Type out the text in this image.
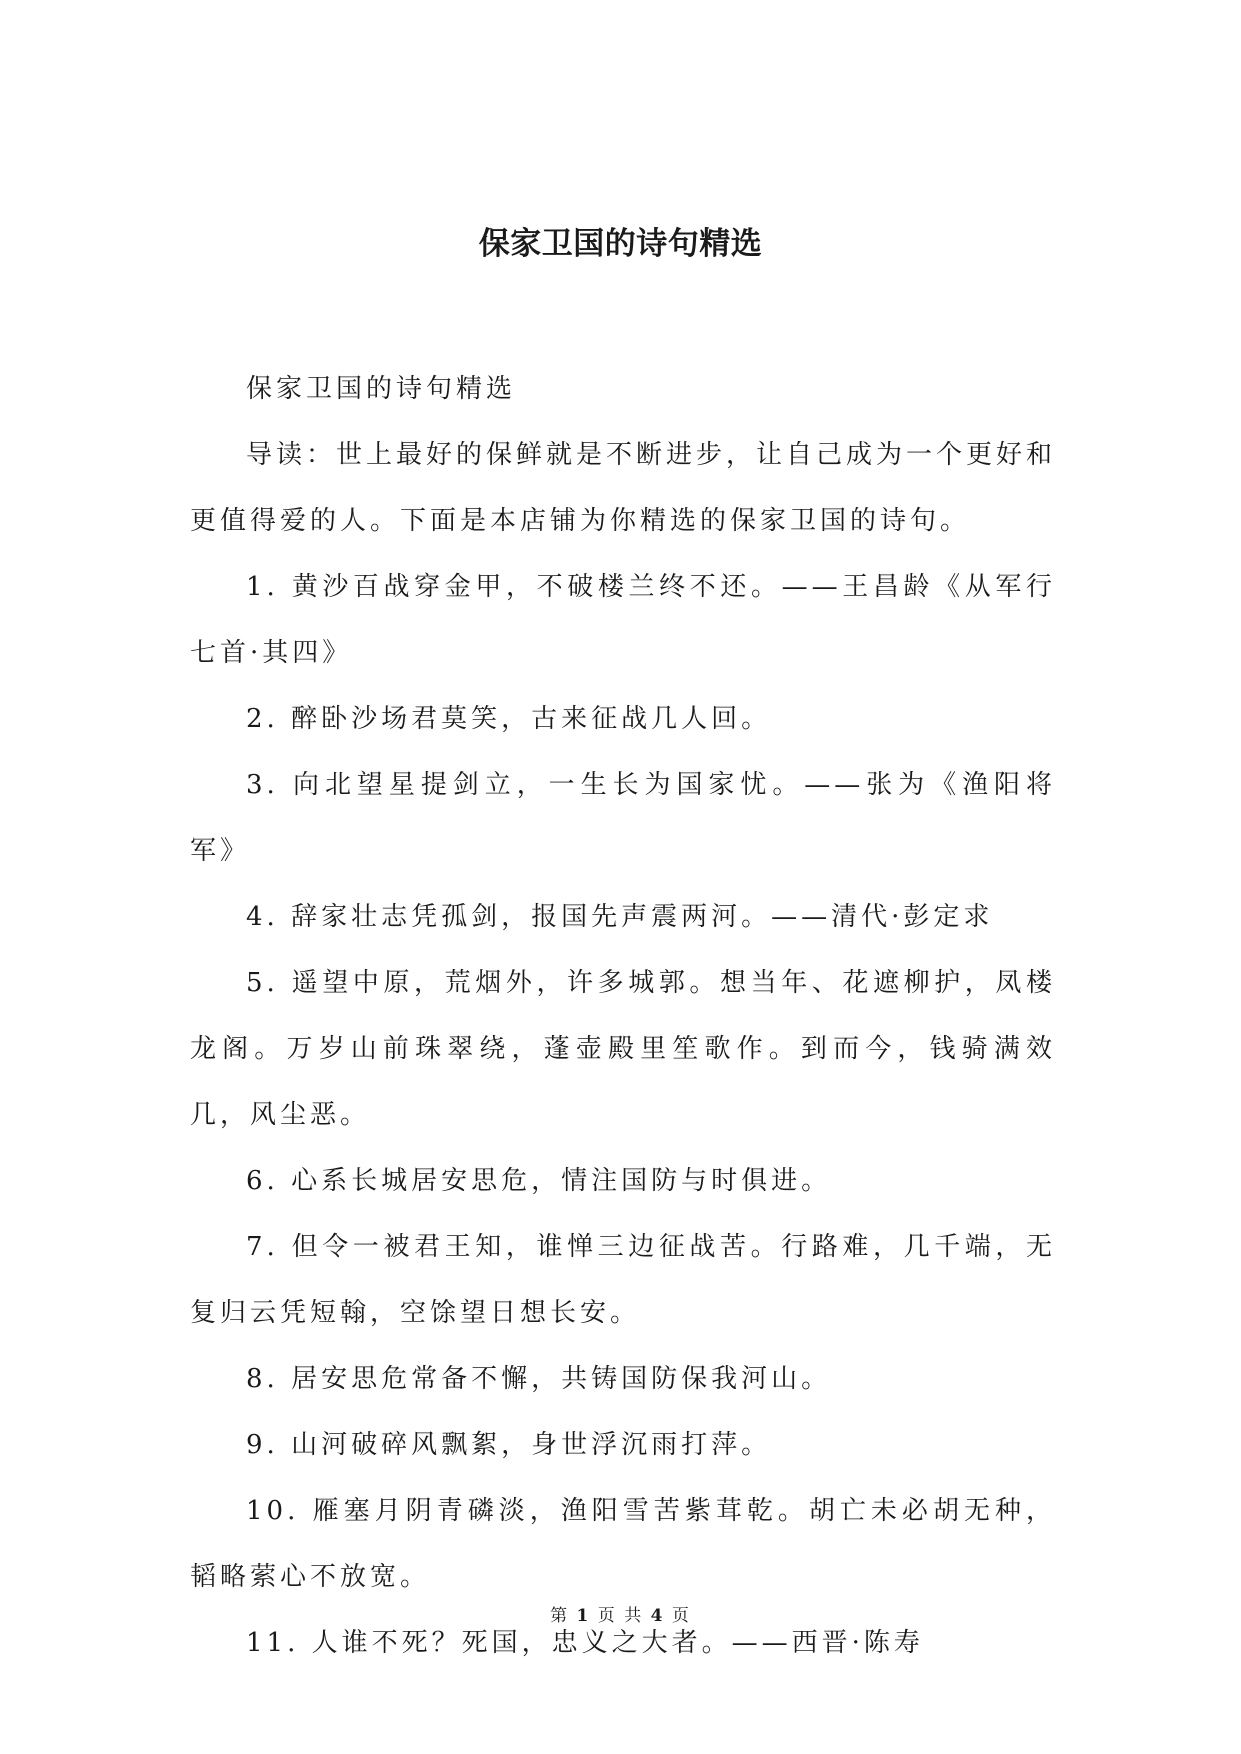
保家卫国的诗句精选

保家卫国的诗句精选

导读：世上最好的保鲜就是不断进步，让自己成为一个更好和更值得爱的人。下面是本店铺为你精选的保家卫国的诗句。

1. 黄沙百战穿金甲，不破楼兰终不还。——王昌龄《从军行七首·其四》

2. 醉卧沙场君莫笑，古来征战几人回。

3. 向北望星提剑立，一生长为国家忧。——张为《渔阳将军》

4. 辞家壮志凭孤剑，报国先声震两河。——清代·彭定求

5. 遥望中原，荒烟外，许多城郭。想当年、花遮柳护，凤楼龙阁。万岁山前珠翠绕，蓬壶殿里笙歌作。到而今，钱骑满效几，风尘恶。

6. 心系长城居安思危，情注国防与时俱进。

7. 但令一被君王知，谁惮三边征战苦。行路难，几千端，无复归云凭短翰，空馀望日想长安。

8. 居安思危常备不懈，共铸国防保我河山。

9. 山河破碎风飘絮，身世浮沉雨打萍。

10. 雁塞月阴青磷淡，渔阳雪苦紫茸乾。胡亡未必胡无种，韬略萦心不放宽。

11. 人谁不死？死国，忠义之大者。——西晋·陈寿

第 1 页 共 4 页
